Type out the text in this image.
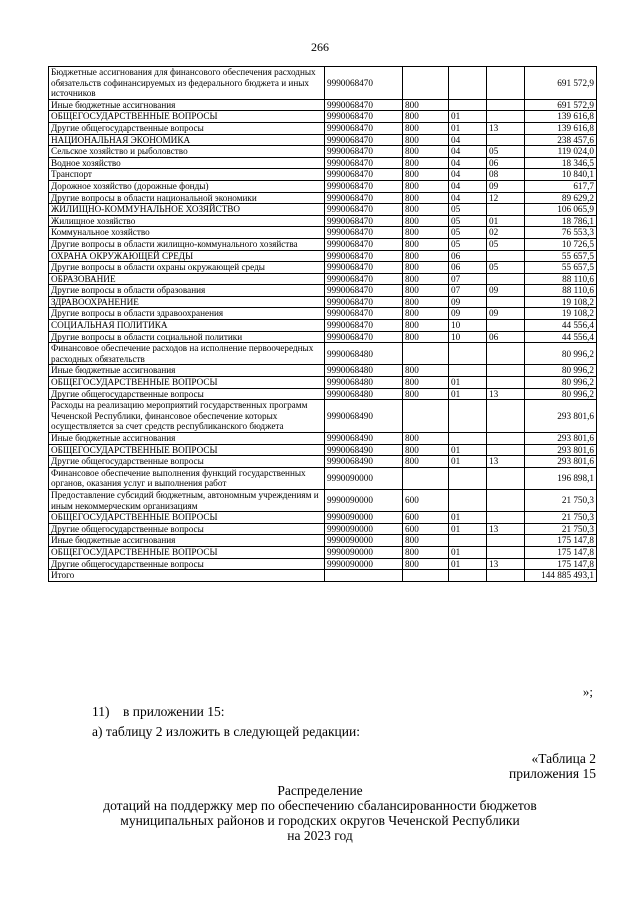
266
Бюджетные ассигнования для финансового обеспечения расходных обязательств софинансируемых из федерального бюджета и иных источников	9990068470				691 572,9
Иные бюджетные ассигнования	9990068470	800			691 572,9
ОБЩЕГОСУДАРСТВЕННЫЕ ВОПРОСЫ	9990068470	800	01		139 616,8
Другие общегосударственные вопросы	9990068470	800	01	13	139 616,8
НАЦИОНАЛЬНАЯ ЭКОНОМИКА	9990068470	800	04		238 457,6
Сельское хозяйство и рыболовство	9990068470	800	04	05	119 024,0
Водное хозяйство	9990068470	800	04	06	18 346,5
Транспорт	9990068470	800	04	08	10 840,1
Дорожное хозяйство (дорожные фонды)	9990068470	800	04	09	617,7
Другие вопросы в области национальной экономики	9990068470	800	04	12	89 629,2
ЖИЛИЩНО-КОММУНАЛЬНОЕ ХОЗЯЙСТВО	9990068470	800	05		106 065,9
Жилищное хозяйство	9990068470	800	05	01	18 786,1
Коммунальное хозяйство	9990068470	800	05	02	76 553,3
Другие вопросы в области жилищно-коммунального хозяйства	9990068470	800	05	05	10 726,5
ОХРАНА ОКРУЖАЮЩЕЙ СРЕДЫ	9990068470	800	06		55 657,5
Другие вопросы в области охраны окружающей среды	9990068470	800	06	05	55 657,5
ОБРАЗОВАНИЕ	9990068470	800	07		88 110,6
Другие вопросы в области образования	9990068470	800	07	09	88 110,6
ЗДРАВООХРАНЕНИЕ	9990068470	800	09		19 108,2
Другие вопросы в области здравоохранения	9990068470	800	09	09	19 108,2
СОЦИАЛЬНАЯ ПОЛИТИКА	9990068470	800	10		44 556,4
Другие вопросы в области социальной политики	9990068470	800	10	06	44 556,4
Финансовое обеспечение расходов на исполнение первоочередных расходных обязательств	9990068480				80 996,2
Иные бюджетные ассигнования	9990068480	800			80 996,2
ОБЩЕГОСУДАРСТВЕННЫЕ ВОПРОСЫ	9990068480	800	01		80 996,2
Другие общегосударственные вопросы	9990068480	800	01	13	80 996,2
Расходы на реализацию мероприятий государственных программ Чеченской Республики, финансовое обеспечение которых осуществляется за счет средств республиканского бюджета	9990068490				293 801,6
Иные бюджетные ассигнования	9990068490	800			293 801,6
ОБЩЕГОСУДАРСТВЕННЫЕ ВОПРОСЫ	9990068490	800	01		293 801,6
Другие общегосударственные вопросы	9990068490	800	01	13	293 801,6
Финансовое обеспечение выполнения функций государственных органов, оказания услуг и выполнения работ	9990090000				196 898,1
Предоставление субсидий бюджетным, автономным учреждениям и иным некоммерческим организациям	9990090000	600			21 750,3
ОБЩЕГОСУДАРСТВЕННЫЕ ВОПРОСЫ	9990090000	600	01		21 750,3
Другие общегосударственные вопросы	9990090000	600	01	13	21 750,3
Иные бюджетные ассигнования	9990090000	800			175 147,8
ОБЩЕГОСУДАРСТВЕННЫЕ ВОПРОСЫ	9990090000	800	01		175 147,8
Другие общегосударственные вопросы	9990090000	800	01	13	175 147,8
Итого					144 885 493,1
»;
11) в приложении 15:
а) таблицу 2 изложить в следующей редакции:
«Таблица 2
приложения 15
Распределение
дотаций на поддержку мер по обеспечению сбалансированности бюджетов
муниципальных районов и городских округов Чеченской Республики
на 2023 год
